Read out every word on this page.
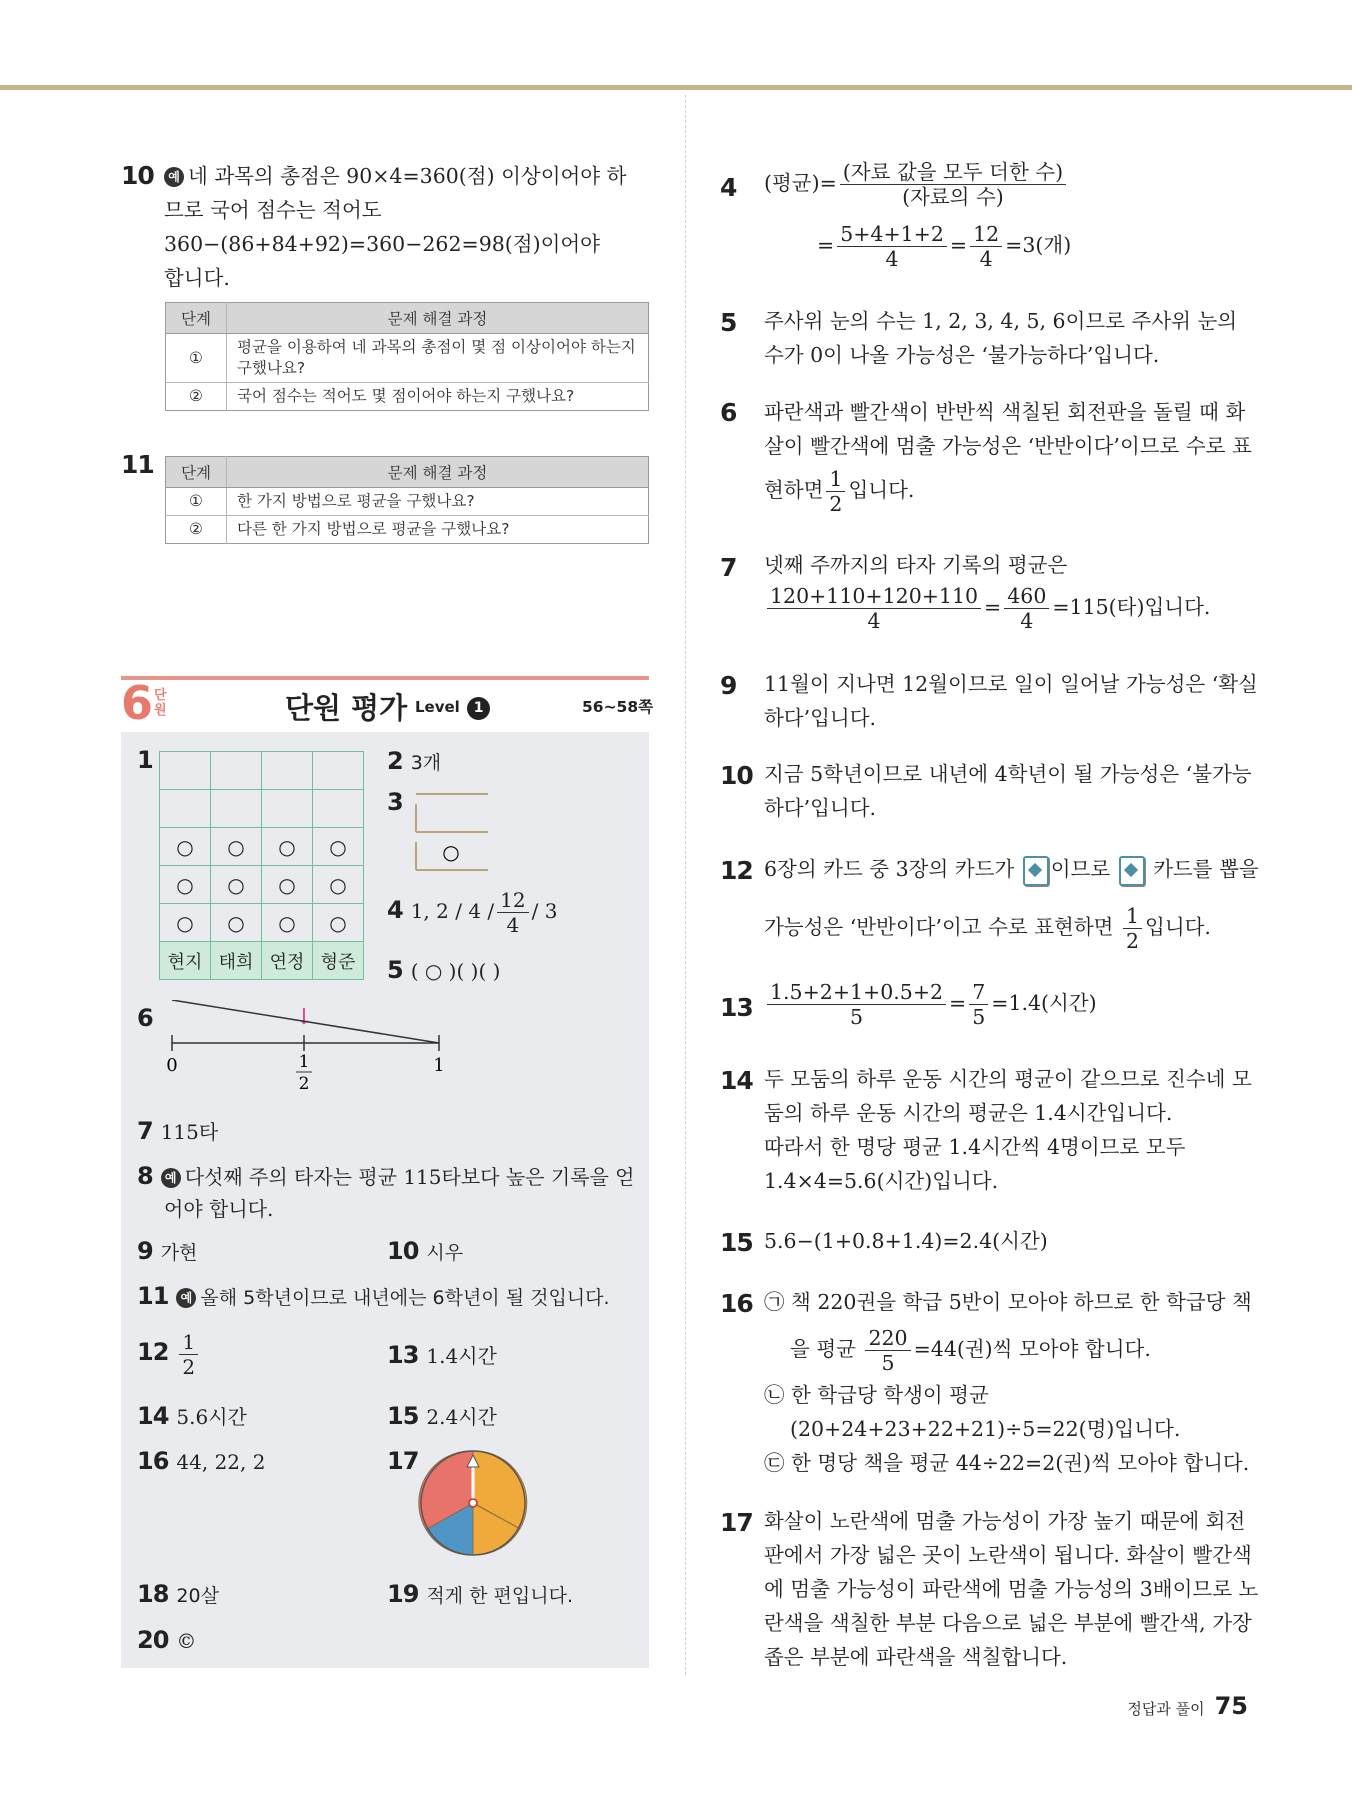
10	예 네 과목의 총점은 90×4=360(점) 이상이어야 하
므로 국어 점수는 적어도
360−(86+84+92)=360−262=98(점)이어야
합니다.
단계	문제 해결 과정
①	평균을 이용하여 네 과목의 총점이 몇 점 이상이어야 하는지
구했나요?
②	국어 점수는 적어도 몇 점이어야 하는지 구했나요?
11 단계	문제 해결 과정
①	한 가지 방법으로 평균을 구했나요?
②	다른 한 가지 방법으로 평균을 구했나요?
6 단
원	단원 평가 Level 1	56~58쪽
1

○	○	○	○
○	○	○	○
○	○	○	○
현지	태희	연정	형준
2 3개
3
○
4 1, $2 / 4 / \frac{12}{4} / 3$
5 ( ○ )( )( )
6	↓
0	1
2
1
7 115타
8 예 다섯째 주의 타자는 평균 115타보다 높은 기록을 얻
어야 합니다.
9 가현	10 시우
11 예 올해 5학년이므로 내년에는 6학년이 될 것입니다.
$12 \frac{1}{2}$	13 1.4시간
14 5.6시간	15 2.4시간
16 44, 22, 2	17
18 20살	19 적게 한 편입니다.
20 ©
4 (평균)= $\frac{\text{(자료 값을 모두 더한 수)}}{\text{(자료의 수)}}$
= $\frac{5+4+1+2}{4} = \frac{12}{4} =3$(개)
5 주사위 눈의 수는 1, 2, 3, 4, 5, 6이므로 주사위 눈의
수가 0이 나올 가능성은 ‘불가능하다’입니다.
6 파란색과 빨간색이 반반씩 색칠된 회전판을 돌릴 때 화
살이 빨간색에 멈출 가능성은 ‘반반이다’이므로 수로 표
현하면 $\frac{1}{2}$ 입니다.
7 넷째 주까지의 타자 기록의 평균은
$\frac{120+110+120+110}{4} = \frac{460}{4} =115$(타)입니다.
9 11월이 지나면 12월이므로 일이 일어날 가능성은 ‘확실
하다’입니다.
10 지금 5학년이므로 내년에 4학년이 될 가능성은 ‘불가능
하다’입니다.
12 6장의 카드 중 3장의 카드가 이므로 카드를 뽑을
가능성은 ‘반반이다’이고 수로 표현하면 $\frac{1}{2}$ 입니다.
$13 \frac{1.5+2+1+0.5+2}{5} = \frac{7}{5} =1.4$(시간)
14 두 모둠의 하루 운동 시간의 평균이 같으므로 진수네 모
둠의 하루 운동 시간의 평균은 1.4시간입니다.
따라서 한 명당 평균 1.4시간씩 4명이므로 모두
1.4×4=5.6(시간)입니다.
15 5.6−(1+0.8+1.4)=2.4(시간)
16 ㉠ 책 220권을 학급 5반이 모아야 하므로 한 학급당 책
을 평균 $\frac{220}{5} =44$(권)씩 모아야 합니다.
㉡ 한 학급당 학생이 평균
(20+24+23+22+21)÷5=22(명)입니다.
㉢ 한 명당 책을 평균 44÷22=2(권)씩 모아야 합니다.
17 화살이 노란색에 멈출 가능성이 가장 높기 때문에 회전
판에서 가장 넓은 곳이 노란색이 됩니다. 화살이 빨간색
에 멈출 가능성이 파란색에 멈출 가능성의 3배이므로 노
란색을 색칠한 부분 다음으로 넓은 부분에 빨간색, 가장
좁은 부분에 파란색을 색칠합니다.
정답과 풀이 75
